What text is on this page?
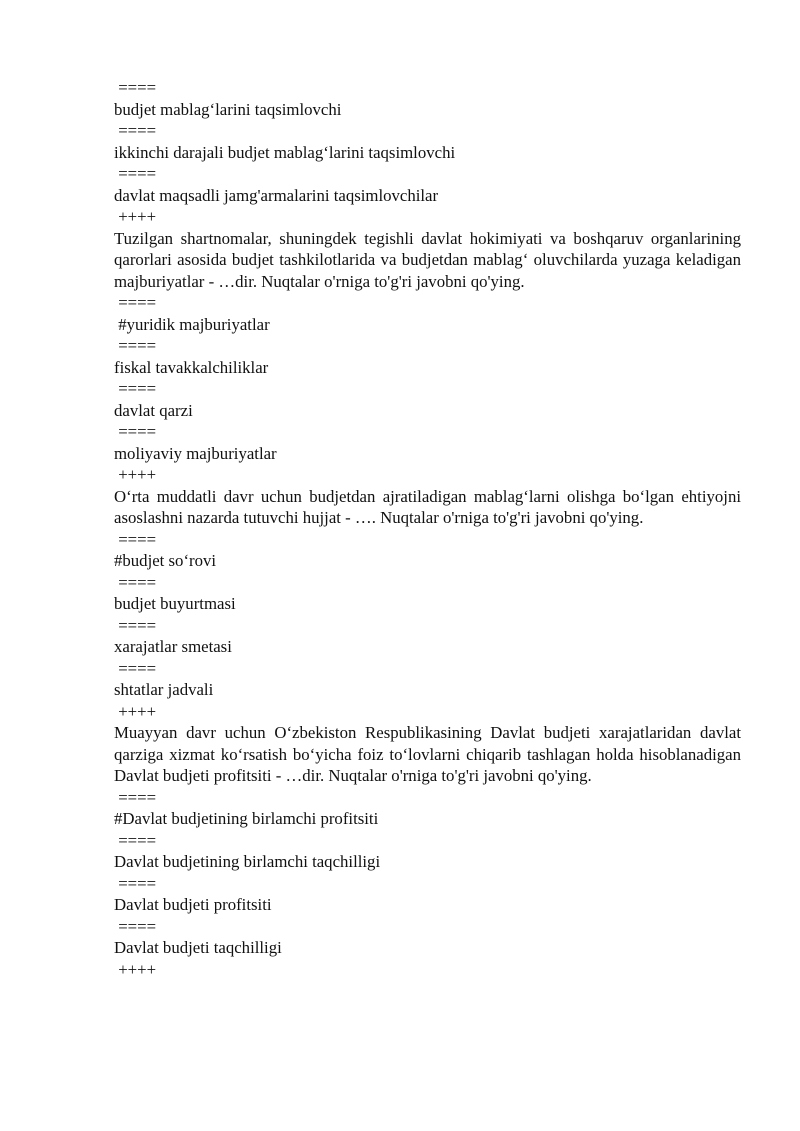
====
budjet mablag‘larini taqsimlovchi
====
ikkinchi darajali budjet mablag‘larini taqsimlovchi
====
davlat maqsadli jamg'armalarini taqsimlovchilar
++++
Tuzilgan shartnomalar, shuningdek tegishli davlat hokimiyati va boshqaruv organlarining qarorlari asosida budjet tashkilotlarida va budjetdan mablag‘ oluvchilarda yuzaga keladigan majburiyatlar - …dir. Nuqtalar o'rniga to'g'ri javobni qo'ying.
====
#yuridik majburiyatlar
====
fiskal tavakkalchiliklar
====
davlat qarzi
====
moliyaviy majburiyatlar
++++
O‘rta muddatli davr uchun budjetdan ajratiladigan mablag‘larni olishga bo‘lgan ehtiyojni asoslashni nazarda tutuvchi hujjat - …. Nuqtalar o'rniga to'g'ri javobni qo'ying.
====
#budjet so‘rovi
====
budjet buyurtmasi
====
xarajatlar smetasi
====
shtatlar jadvali
++++
Muayyan davr uchun O‘zbekiston Respublikasining Davlat budjeti xarajatlaridan davlat qarziga xizmat ko‘rsatish bo‘yicha foiz to‘lovlarni chiqarib tashlagan holda hisoblanadigan Davlat budjeti profitsiti - …dir. Nuqtalar o'rniga to'g'ri javobni qo'ying.
====
#Davlat budjetining birlamchi profitsiti
====
Davlat budjetining birlamchi taqchilligi
====
Davlat budjeti profitsiti
====
Davlat budjeti taqchilligi
++++
